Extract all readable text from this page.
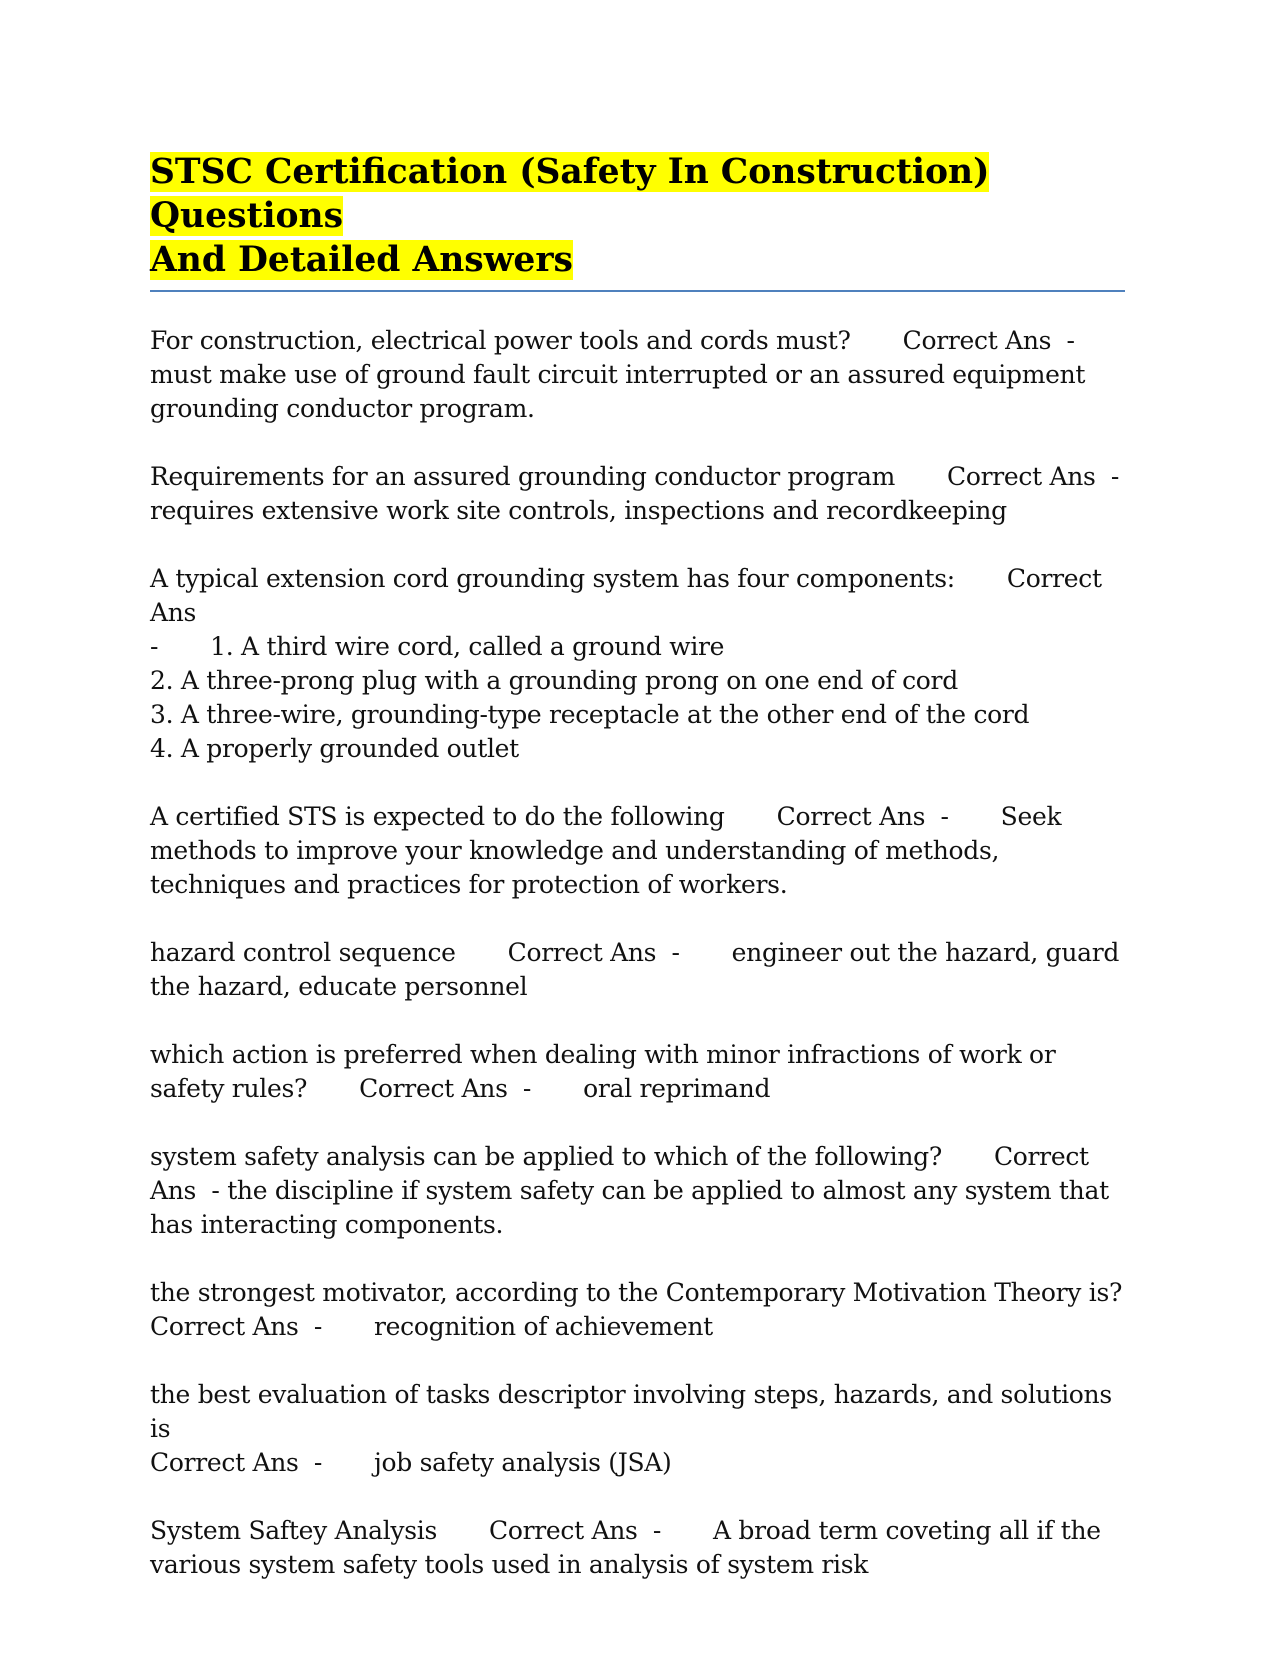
STSC Certification (Safety In Construction) Questions
And Detailed Answers

For construction, electrical power tools and cords must? Correct Ans  - must make use of ground fault circuit interrupted or an assured equipment grounding conductor program.

Requirements for an assured grounding conductor program Correct Ans  - requires extensive work site controls, inspections and recordkeeping

A typical extension cord grounding system has four components: Correct Ans
- 1. A third wire cord, called a ground wire
2. A three-prong plug with a grounding prong on one end of cord
3. A three-wire, grounding-type receptacle at the other end of the cord
4. A properly grounded outlet

A certified STS is expected to do the following Correct Ans  - Seek methods to improve your knowledge and understanding of methods, techniques and practices for protection of workers.

hazard control sequence Correct Ans  - engineer out the hazard, guard the hazard, educate personnel

which action is preferred when dealing with minor infractions of work or safety rules? Correct Ans  - oral reprimand

system safety analysis can be applied to which of the following? Correct Ans  - the discipline if system safety can be applied to almost any system that has interacting components.

the strongest motivator, according to the Contemporary Motivation Theory is?
Correct Ans  - recognition of achievement

the best evaluation of tasks descriptor involving steps, hazards, and solutions is
Correct Ans  - job safety analysis (JSA)

System Saftey Analysis Correct Ans  - A broad term coveting all if the various system safety tools used in analysis of system risk
